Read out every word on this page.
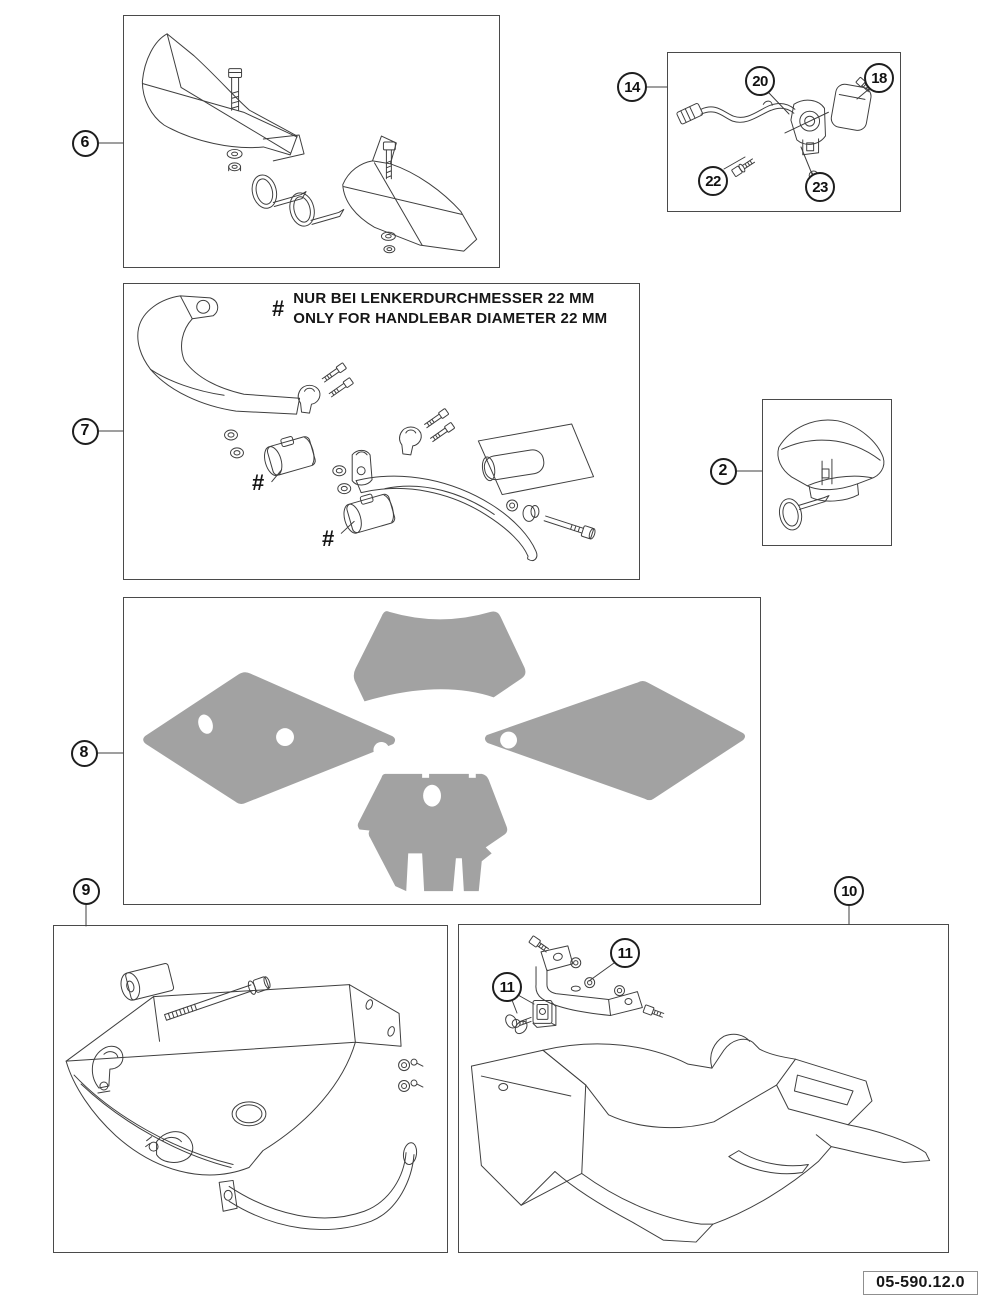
# NUR BEI LENKERDURCHMESSER 22 MM
ONLY FOR HANDLEBAR DIAMETER 22 MM
#
#
6
7
8
9	10
2
14	20	18
22	23
11
11
05-590.12.0
